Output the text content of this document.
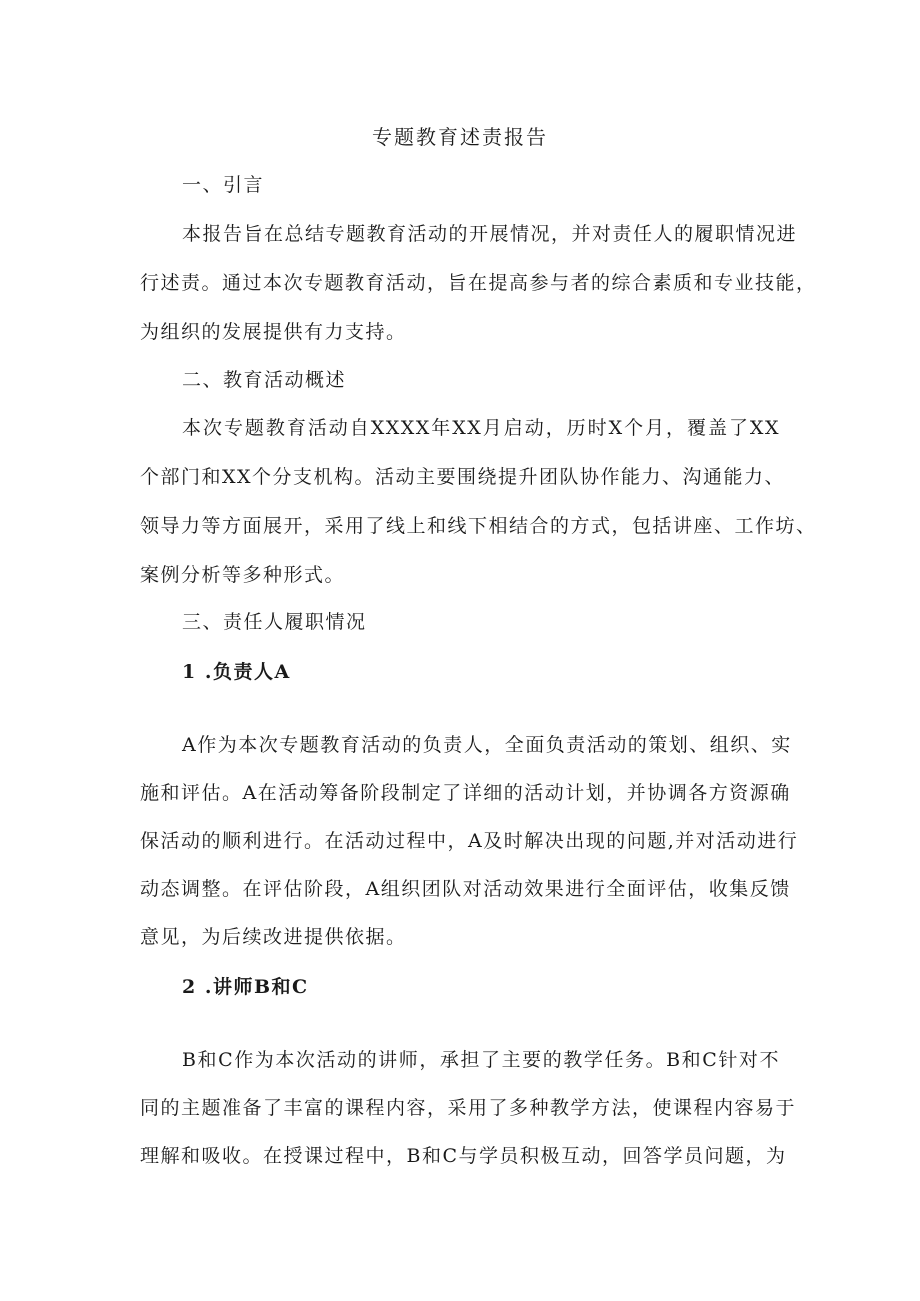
专题教育述责报告
一、引言
本报告旨在总结专题教育活动的开展情况，并对责任人的履职情况进
行述责。通过本次专题教育活动，旨在提高参与者的综合素质和专业技能，
为组织的发展提供有力支持。
二、教育活动概述
本次专题教育活动自XXXX年XX月启动，历时X个月，覆盖了XX
个部门和XX个分支机构。活动主要围绕提升团队协作能力、沟通能力、
领导力等方面展开，采用了线上和线下相结合的方式，包括讲座、工作坊、
案例分析等多种形式。
三、责任人履职情况
1 .负责人A
A作为本次专题教育活动的负责人，全面负责活动的策划、组织、实
施和评估。A在活动筹备阶段制定了详细的活动计划，并协调各方资源确
保活动的顺利进行。在活动过程中，A及时解决出现的问题,并对活动进行
动态调整。在评估阶段，A组织团队对活动效果进行全面评估，收集反馈
意见，为后续改进提供依据。
2 .讲师B和C
B和C作为本次活动的讲师，承担了主要的教学任务。B和C针对不
同的主题准备了丰富的课程内容，采用了多种教学方法，使课程内容易于
理解和吸收。在授课过程中，B和C与学员积极互动，回答学员问题，为
